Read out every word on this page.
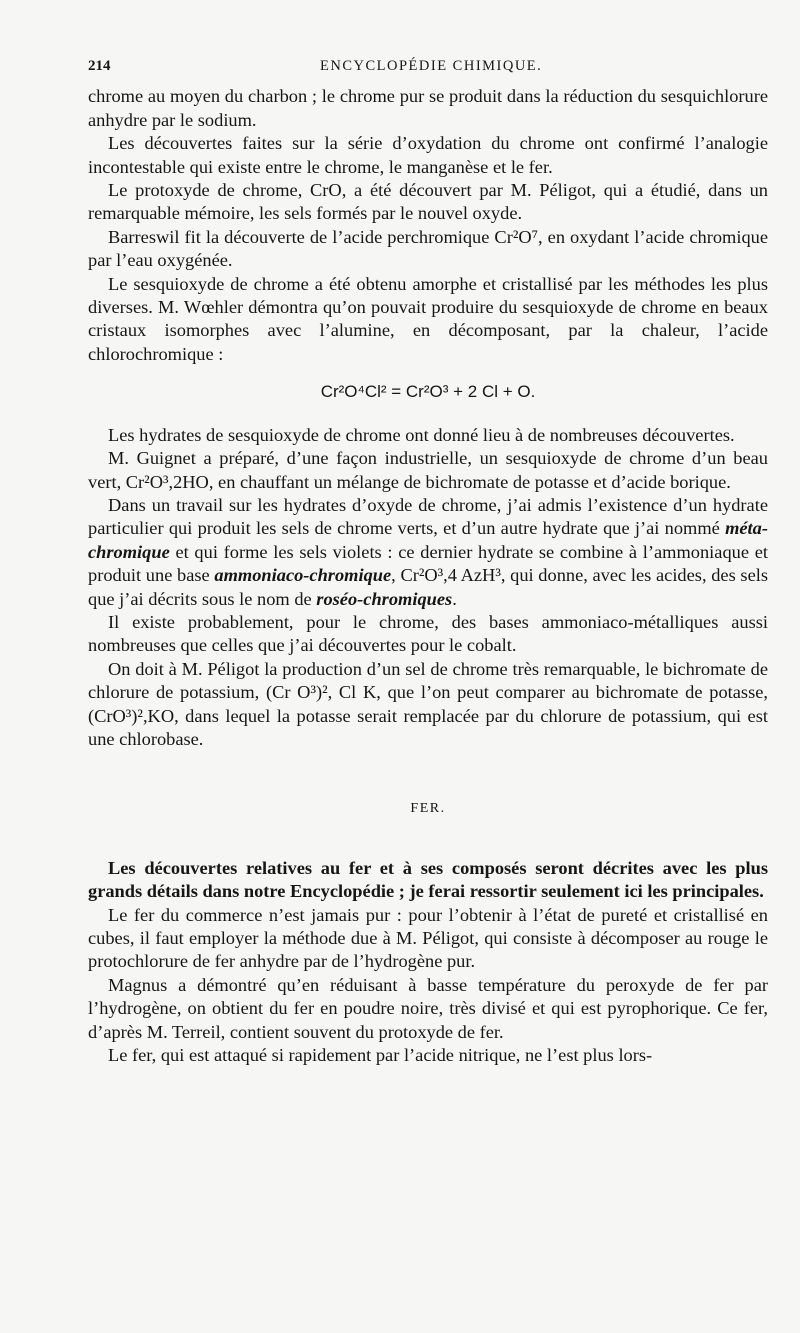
214	ENCYCLOPÉDIE CHIMIQUE.

chrome au moyen du charbon ; le chrome pur se produit dans la réduction du sesquichlorure anhydre par le sodium.

Les découvertes faites sur la série d’oxydation du chrome ont confirmé l’analogie incontestable qui existe entre le chrome, le manganèse et le fer.

Le protoxyde de chrome, CrO, a été découvert par M. Péligot, qui a étudié, dans un remarquable mémoire, les sels formés par le nouvel oxyde.

Barreswil fit la découverte de l’acide perchromique Cr²O⁷, en oxydant l’acide chromique par l’eau oxygénée.

Le sesquioxyde de chrome a été obtenu amorphe et cristallisé par les méthodes les plus diverses. M. Wœhler démontra qu’on pouvait produire du sesquioxyde de chrome en beaux cristaux isomorphes avec l’alumine, en décomposant, par la chaleur, l’acide chlorochromique :

Cr²O⁴Cl² = Cr²O³ + 2 Cl + O.

Les hydrates de sesquioxyde de chrome ont donné lieu à de nombreuses découvertes.

M. Guignet a préparé, d’une façon industrielle, un sesquioxyde de chrome d’un beau vert, Cr²O³,2HO, en chauffant un mélange de bichromate de potasse et d’acide borique.

Dans un travail sur les hydrates d’oxyde de chrome, j’ai admis l’existence d’un hydrate particulier qui produit les sels de chrome verts, et d’un autre hydrate que j’ai nommé méta-chromique et qui forme les sels violets : ce dernier hydrate se combine à l’ammoniaque et produit une base ammoniaco-chromique, Cr²O³,4 AzH³, qui donne, avec les acides, des sels que j’ai décrits sous le nom de roséo-chromiques.

Il existe probablement, pour le chrome, des bases ammoniaco-métalliques aussi nombreuses que celles que j’ai découvertes pour le cobalt.

On doit à M. Péligot la production d’un sel de chrome très remarquable, le bichromate de chlorure de potassium, (Cr O³)², Cl K, que l’on peut comparer au bichromate de potasse, (CrO³)²,KO, dans lequel la potasse serait remplacée par du chlorure de potassium, qui est une chlorobase.

FER.

Les découvertes relatives au fer et à ses composés seront décrites avec les plus grands détails dans notre Encyclopédie ; je ferai ressortir seulement ici les principales.

Le fer du commerce n’est jamais pur : pour l’obtenir à l’état de pureté et cristallisé en cubes, il faut employer la méthode due à M. Péligot, qui consiste à décomposer au rouge le protochlorure de fer anhydre par de l’hydrogène pur.

Magnus a démontré qu’en réduisant à basse température du peroxyde de fer par l’hydrogène, on obtient du fer en poudre noire, très divisé et qui est pyrophorique. Ce fer, d’après M. Terreil, contient souvent du protoxyde de fer.

Le fer, qui est attaqué si rapidement par l’acide nitrique, ne l’est plus lors-
